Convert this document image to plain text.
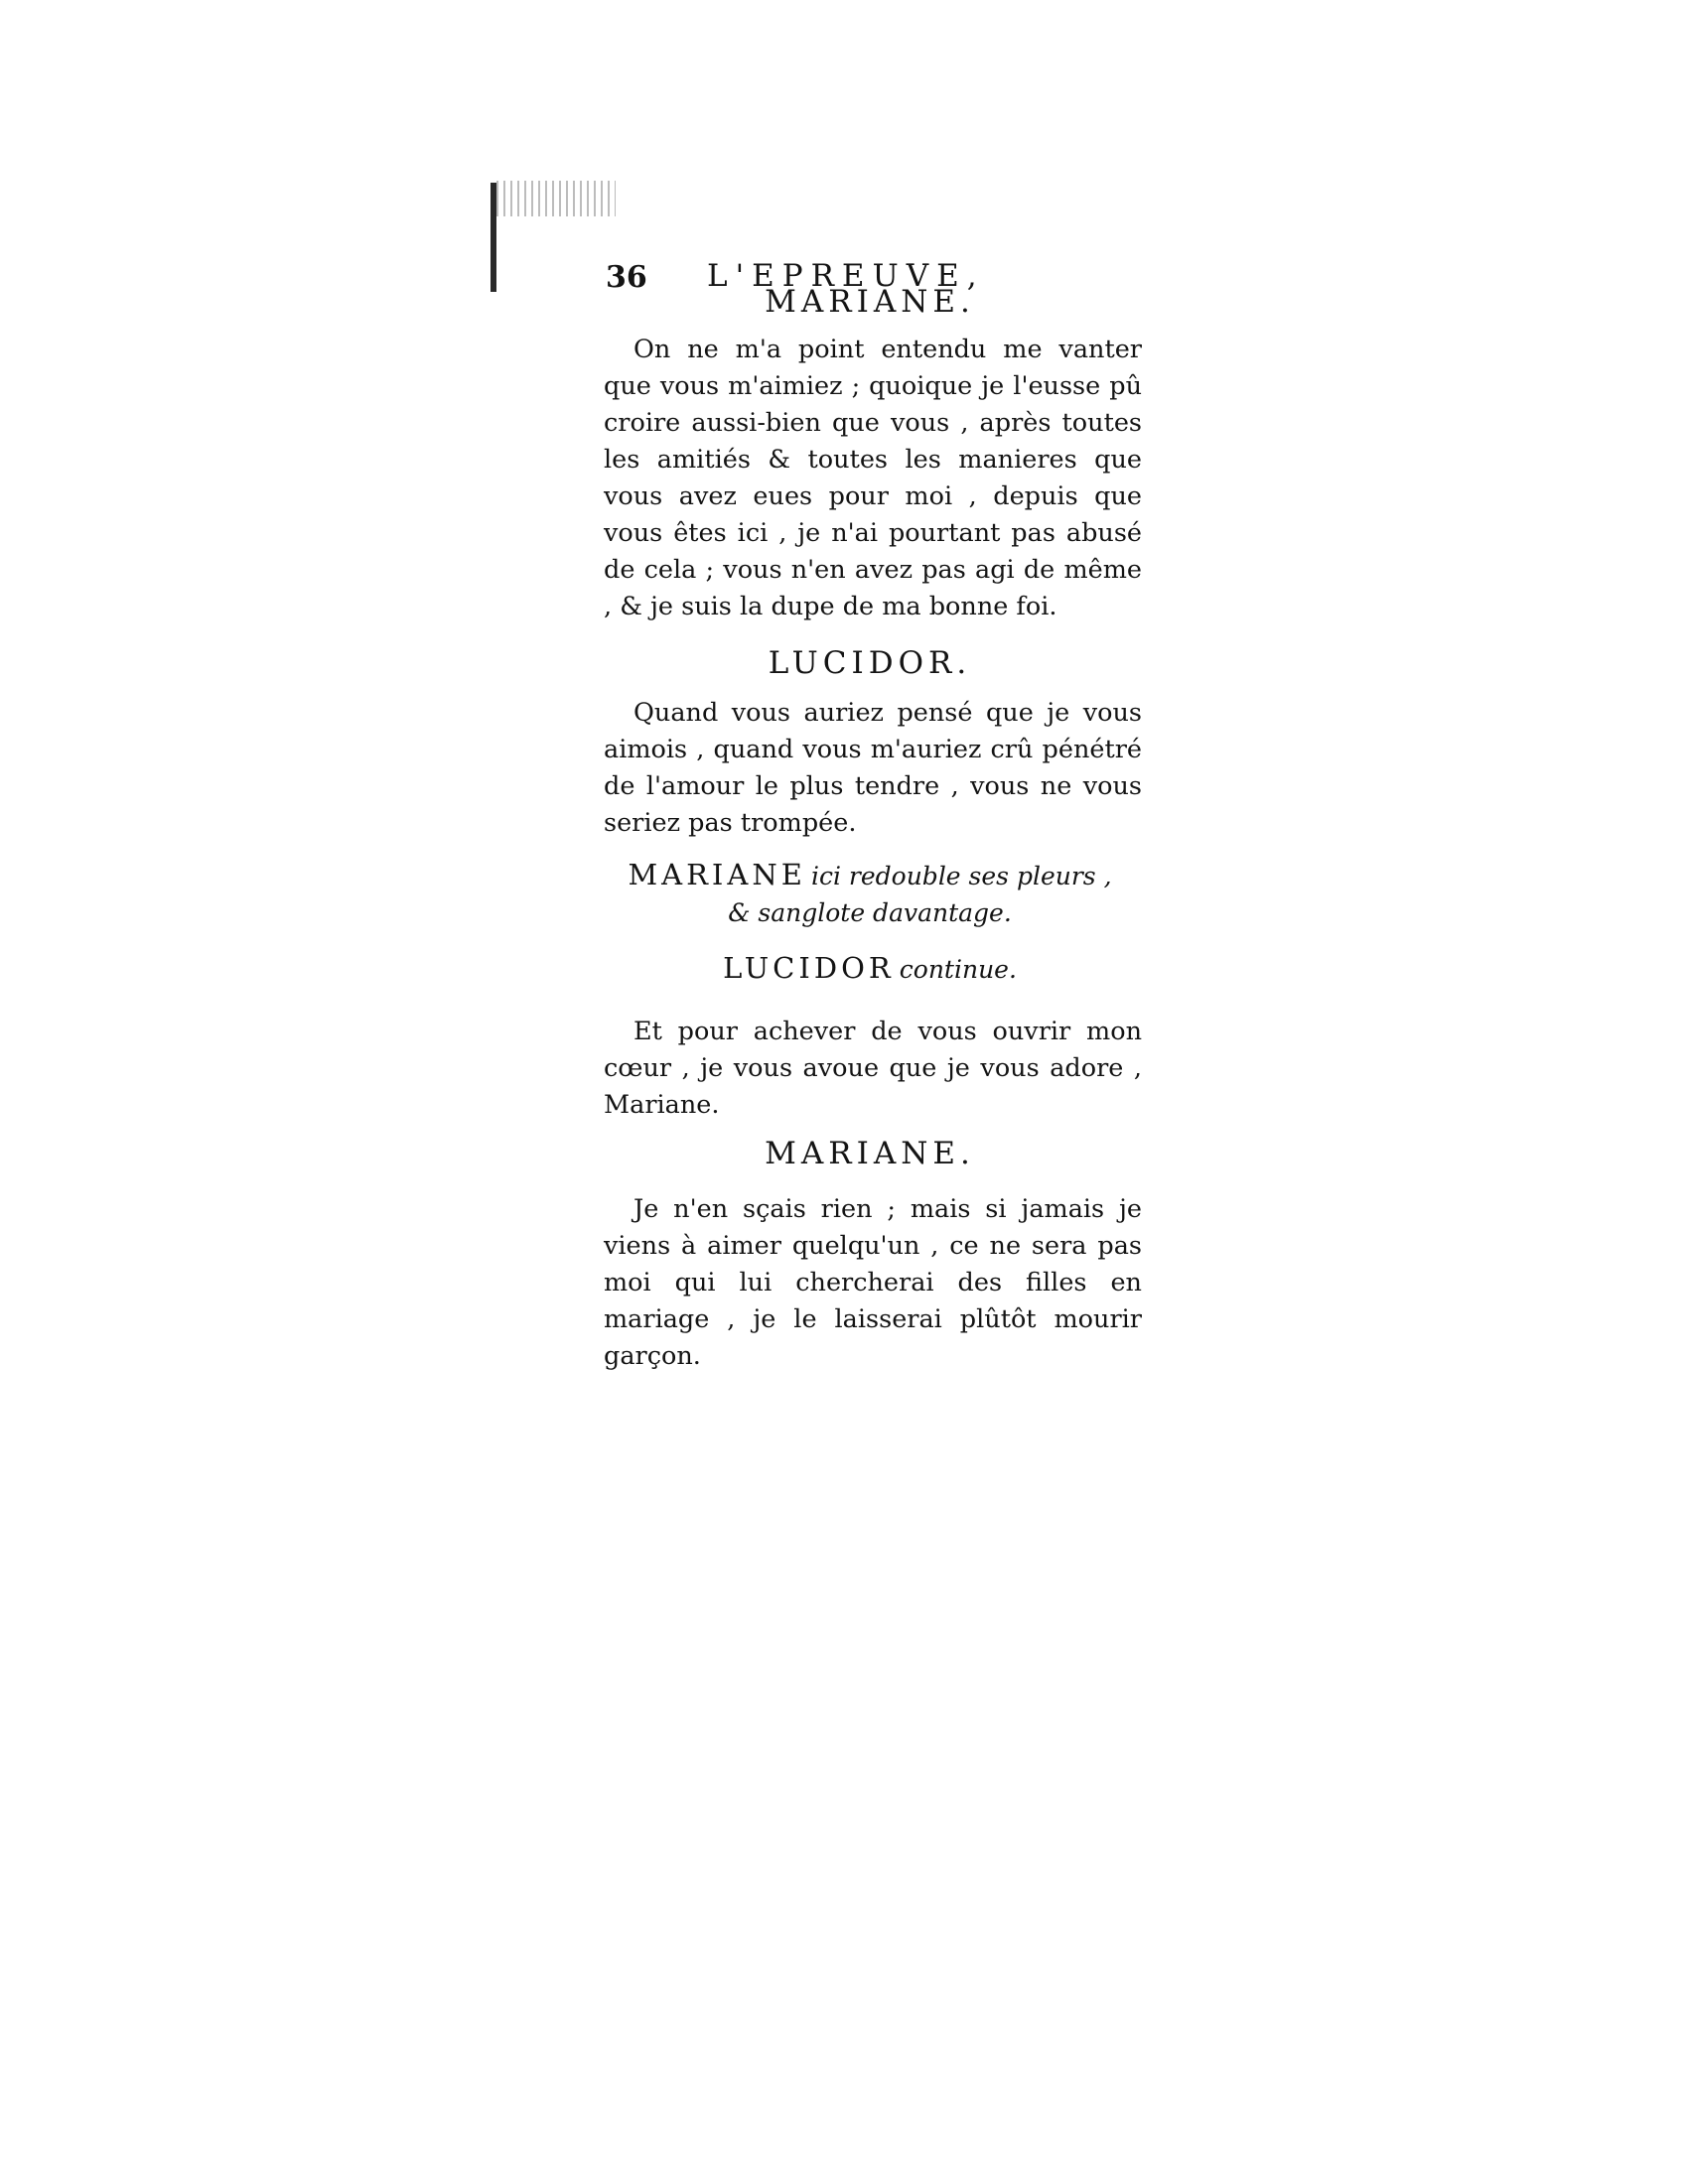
36 L'EPREUVE,

MARIANE.

On ne m'a point entendu me vanter que vous m'aimiez ; quoique je l'eusse pû croire aussi-bien que vous , après toutes les amitiés & toutes les manieres que vous avez eues pour moi , depuis que vous êtes ici , je n'ai pourtant pas abusé de cela ; vous n'en avez pas agi de même , & je suis la dupe de ma bonne foi.

LUCIDOR.

Quand vous auriez pensé que je vous aimois , quand vous m'auriez crû pénétré de l'amour le plus tendre , vous ne vous seriez pas trompée.

MARIANE ici redouble ses pleurs ,
& sanglote davantage.

LUCIDOR continue.

Et pour achever de vous ouvrir mon cœur , je vous avoue que je vous adore , Mariane.

MARIANE.

Je n'en sçais rien ; mais si jamais je viens à aimer quelqu'un , ce ne sera pas moi qui lui chercherai des filles en mariage , je le laisserai plûtôt mourir garçon.
